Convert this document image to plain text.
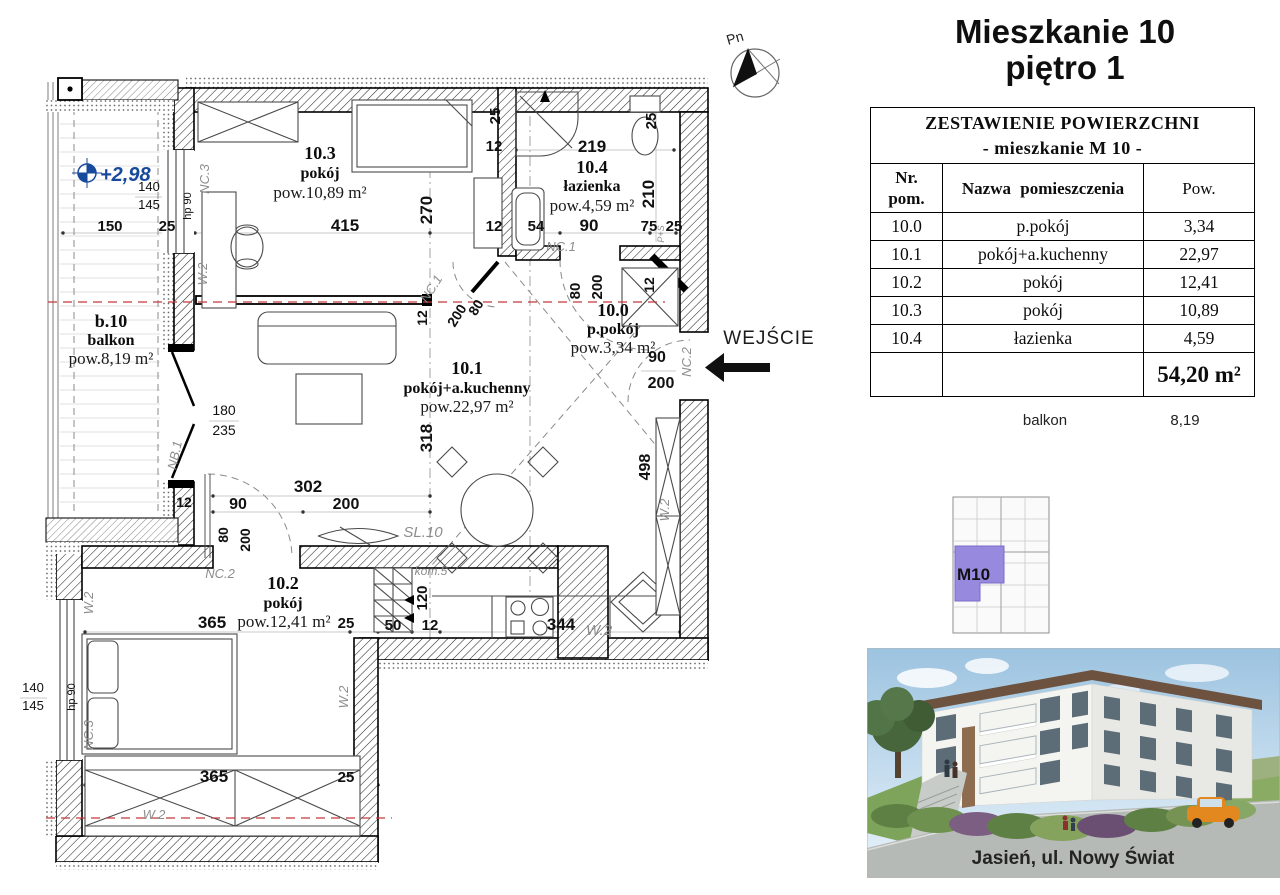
+2,98
10.3
pokój
pow.10,89 m²
10.4
łazienka
pow.4,59 m²
10.0
p.pokój
pow.3,34 m²
10.1
pokój+a.kuchenny
pow.22,97 m²
10.2
pokój
pow.12,41 m²
b.10
balkon
pow.8,19 m²
150 25
140
145
415
270
25
12
12
219
25
210
54 90	75 25
80
200
80 200	12
90
200
498
318
302
90	200
80 200
120
50 12	344
365	25
180
235
12
365	25
140
145
hp 90
hp 90
12
NC.3
W.2	NC.1
NC.1
NC.2
NC.2
SL.10
kom.5
W.2
NB.1
W.2
W.2
W.2
NC.3
W.2
P+S
Pn
WEJŚCIE
Mieszkanie 10
piętro 1
ZESTAWIENIE POWIERZCHNI
- mieszkanie M 10 -		

Nr.
pom.	Nazwa pomieszczenia	Pow.
10.0	p.pokój	3,34
10.1	pokój+a.kuchenny	22,97
10.2	pokój	12,41
10.3	pokój	10,89
10.4	łazienka	4,59
		54,20 m²
balkon	8,19
M10
Jasień, ul. Nowy Świat
